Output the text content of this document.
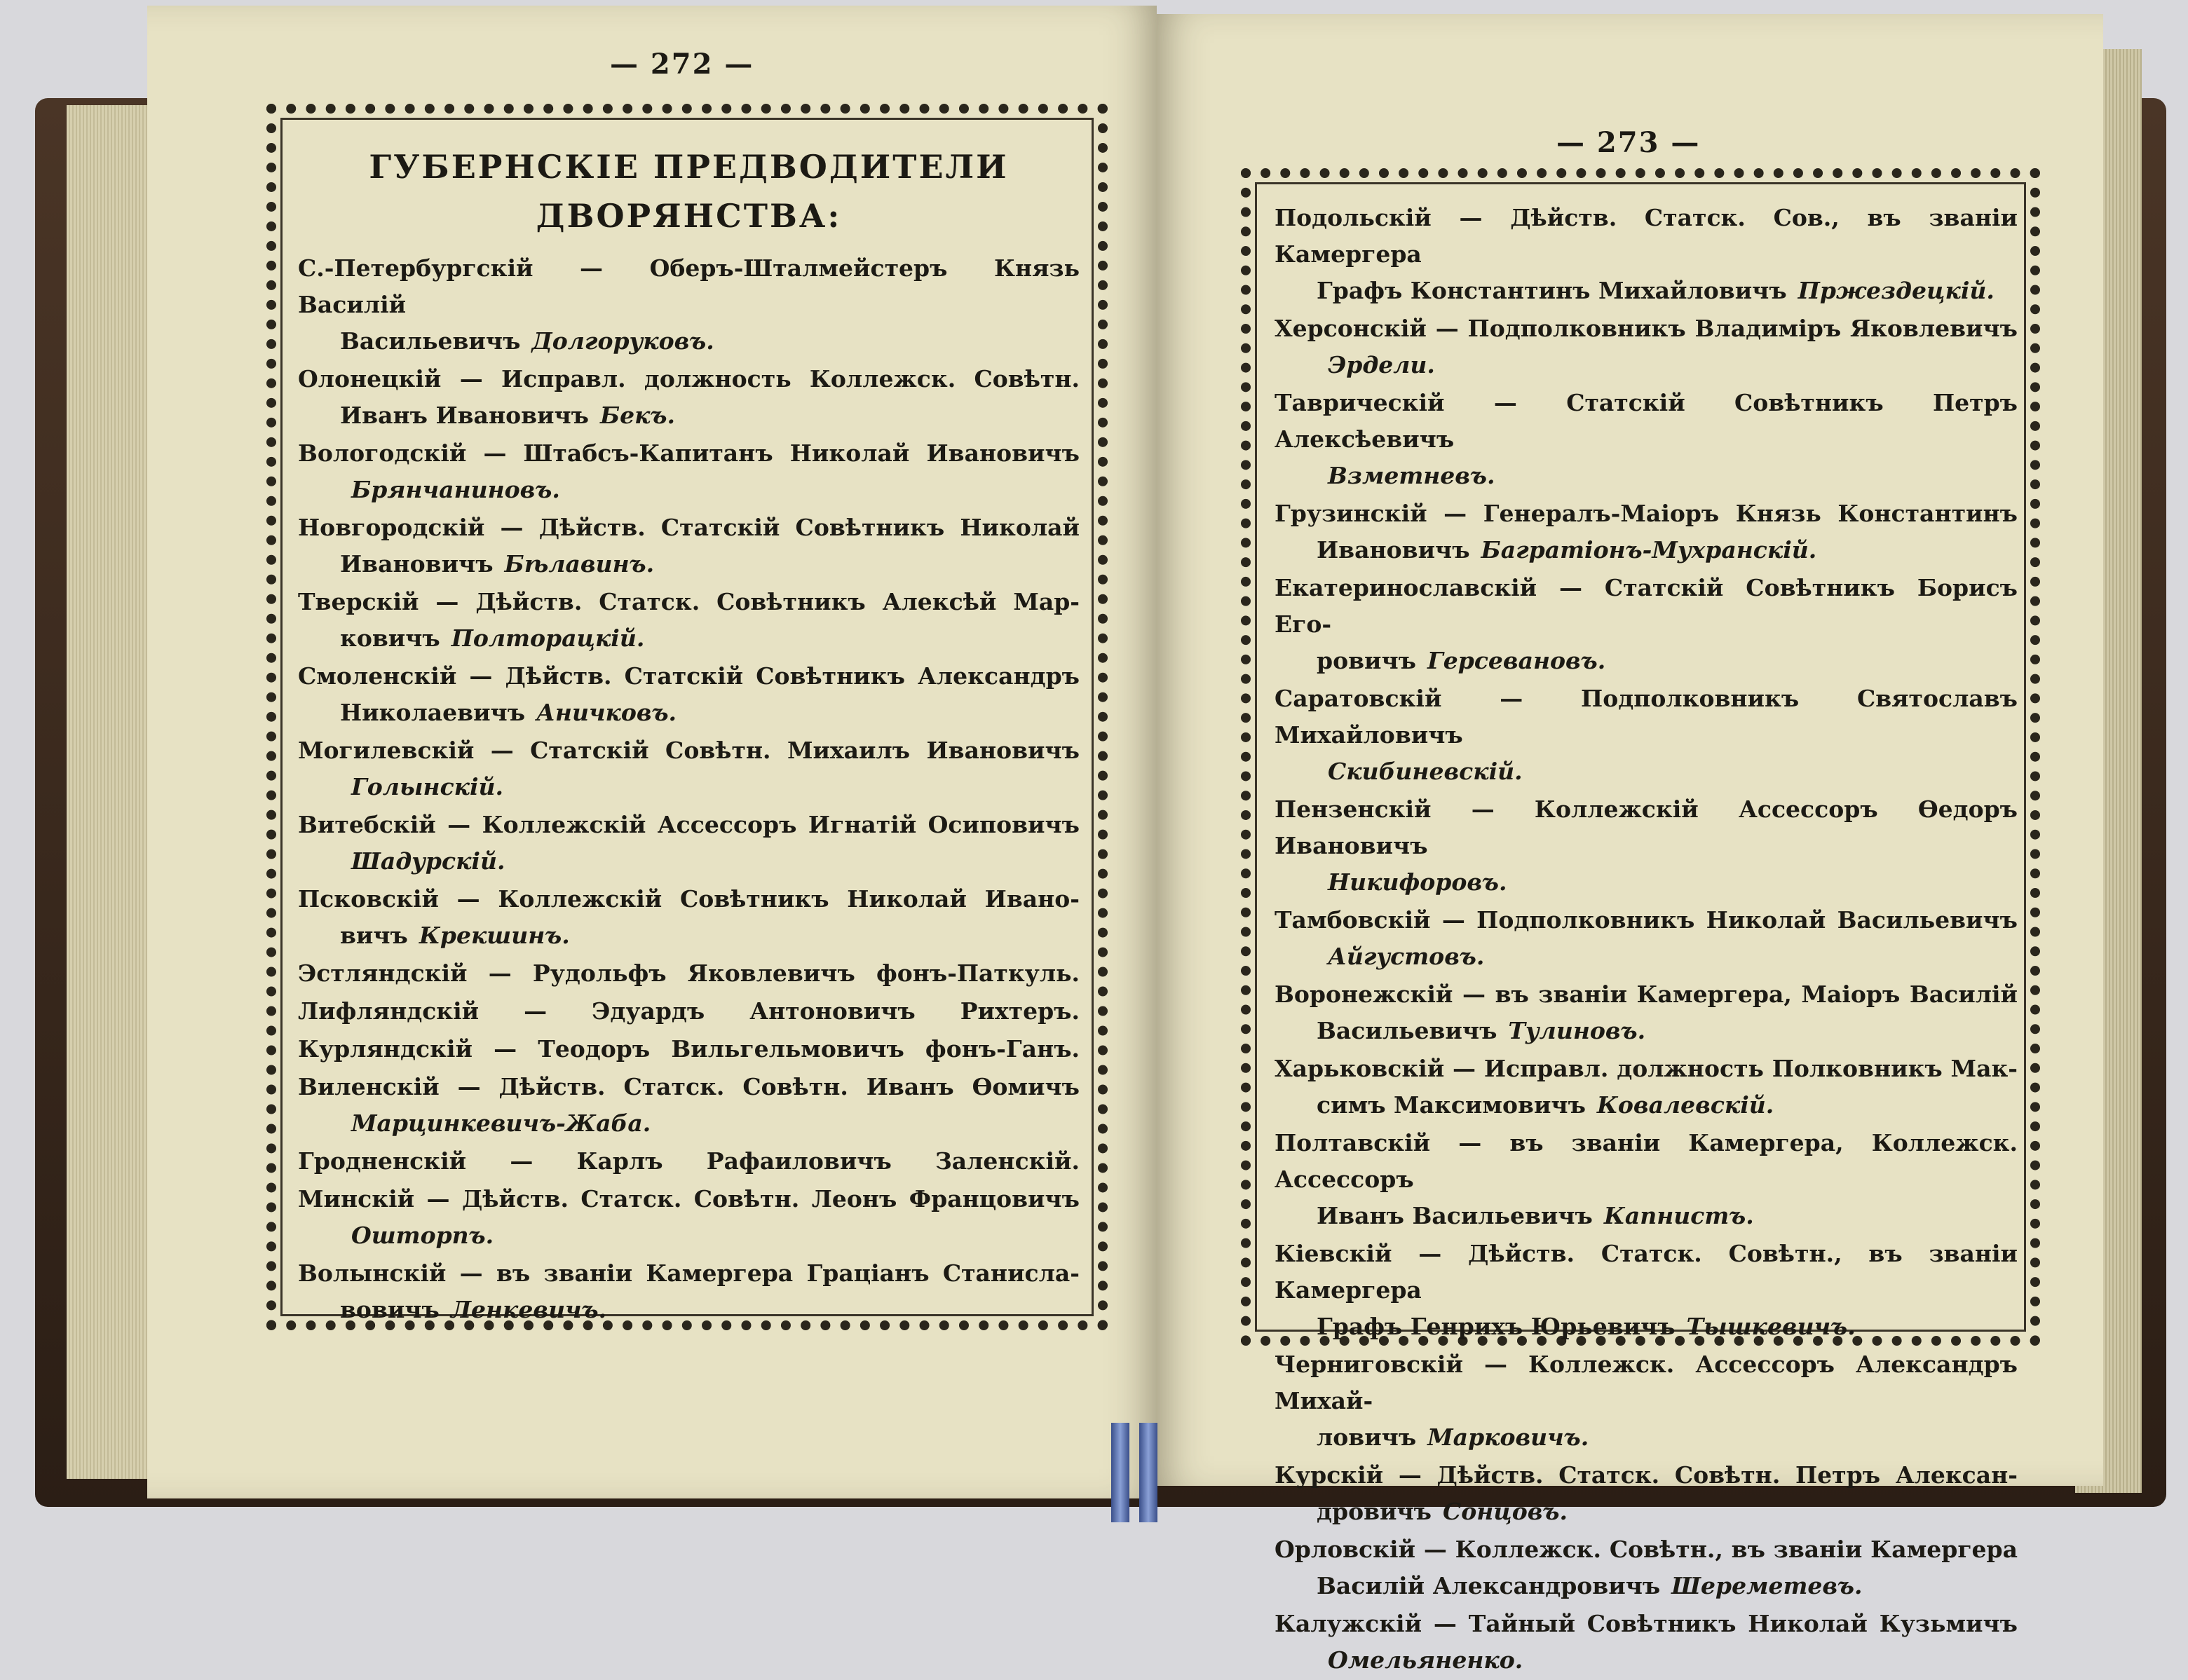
— 272 —
ГУБЕРНСКІЕ ПРЕДВОДИТЕЛИ
ДВОРЯНСТВА:
С.-Петербургскій — Оберъ-Шталмейстеръ Князь Василій
Васильевичъ Долгоруковъ.
Олонецкій — Исправл. должность Коллежск. Совѣтн.
Иванъ Ивановичъ Бекъ.
Вологодскій — Штабсъ-Капитанъ Николай Ивановичъ
Брянчаниновъ.
Новгородскій — Дѣйств. Статскій Совѣтникъ Николай
Ивановичъ Бѣлавинъ.
Тверскій — Дѣйств. Статск. Совѣтникъ Алексѣй Мар-
ковичъ Полторацкій.
Смоленскій — Дѣйств. Статскій Совѣтникъ Александръ
Николаевичъ Аничковъ.
Могилевскій — Статскій Совѣтн. Михаилъ Ивановичъ
Голынскій.
Витебскій — Коллежскій Ассессоръ Игнатій Осиповичъ
Шадурскій.
Псковскій — Коллежскій Совѣтникъ Николай Ивано-
вичъ Крекшинъ.
Эстляндскій — Рудольфъ Яковлевичъ фонъ-Паткуль.
Лифляндскій — Эдуардъ Антоновичъ Рихтеръ.
Курляндскій — Теодоръ Вильгельмовичъ фонъ-Ганъ.
Виленскій — Дѣйств. Статск. Совѣтн. Иванъ Ѳомичъ
Марцинкевичъ-Жаба.
Гродненскій — Карлъ Рафаиловичъ Заленскій.
Минскій — Дѣйств. Статск. Совѣтн. Леонъ Францовичъ
Ошторпъ.
Волынскій — въ званіи Камергера Граціанъ Станисла-
вовичъ Ленкевичъ.
— 273 —
Подольскій — Дѣйств. Статск. Сов., въ званіи Камергера
Графъ Константинъ Михайловичъ Пржездецкій.
Херсонскій — Подполковникъ Владиміръ Яковлевичъ
Эрдели.
Таврическій — Статскій Совѣтникъ Петръ Алексѣевичъ
Взметневъ.
Грузинскій — Генералъ-Маіоръ Князь Константинъ
Ивановичъ Багратіонъ-Мухранскій.
Екатеринославскій — Статскій Совѣтникъ Борисъ Его-
ровичъ Герсевановъ.
Саратовскій — Подполковникъ Святославъ Михайловичъ
Скибиневскій.
Пензенскій — Коллежскій Ассессоръ Ѳедоръ Ивановичъ
Никифоровъ.
Тамбовскій — Подполковникъ Николай Васильевичъ
Айгустовъ.
Воронежскій — въ званіи Камергера, Маіоръ Василій
Васильевичъ Тулиновъ.
Харьковскій — Исправл. должность Полковникъ Мак-
симъ Максимовичъ Ковалевскій.
Полтавскій — въ званіи Камергера, Коллежск. Ассессоръ
Иванъ Васильевичъ Капнистъ.
Кіевскій — Дѣйств. Статск. Совѣтн., въ званіи Камергера
Графъ Генрихъ Юрьевичъ Тышкевичъ.
Черниговскій — Коллежск. Ассессоръ Александръ Михай-
ловичъ Марковичъ.
Курскій — Дѣйств. Статск. Совѣтн. Петръ Алексан-
дровичъ Сонцовъ.
Орловскій — Коллежск. Совѣтн., въ званіи Камергера
Василій Александровичъ Шереметевъ.
Калужскій — Тайный Совѣтникъ Николай Кузьмичъ
Омельяненко.
